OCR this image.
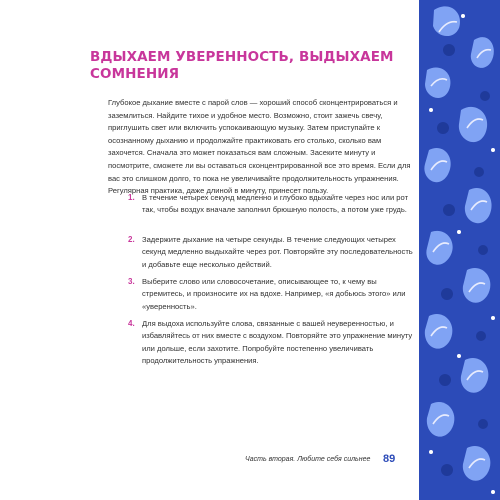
ВДЫХАЕМ УВЕРЕННОСТЬ, ВЫДЫХАЕМ СОМНЕНИЯ

Глубокое дыхание вместе с парой слов — хороший способ сконцентрироваться и заземлиться. Найдите тихое и удобное место. Возможно, стоит зажечь свечу, приглушить свет или включить успокаивающую музыку. Затем приступайте к осознанному дыханию и продолжайте практиковать его столько, сколько вам захочется. Сначала это может показаться вам сложным. Засеките минуту и посмотрите, сможете ли вы оставаться сконцентрированной все это время. Если для вас это слишком долго, то пока не увеличивайте продолжительность упражнения. Регулярная практика, даже длиной в минуту, принесет пользу.

1. В течение четырех секунд медленно и глубоко вдыхайте через нос или рот так, чтобы воздух вначале заполнил брюшную полость, а потом уже грудь.

2. Задержите дыхание на четыре секунды. В течение следующих четырех секунд медленно выдыхайте через рот. Повторяйте эту последовательность и добавьте еще несколько действий.

3. Выберите слово или словосочетание, описывающее то, к чему вы стремитесь, и произносите их на вдохе. Например, «я добьюсь этого» или «уверенность».

4. Для выдоха используйте слова, связанные с вашей неуверенностью, и избавляйтесь от них вместе с воздухом. Повторяйте это упражнение минуту или дольше, если захотите. Попробуйте постепенно увеличивать продолжительность упражнения.

Часть вторая. Любите себя сильнее 89
